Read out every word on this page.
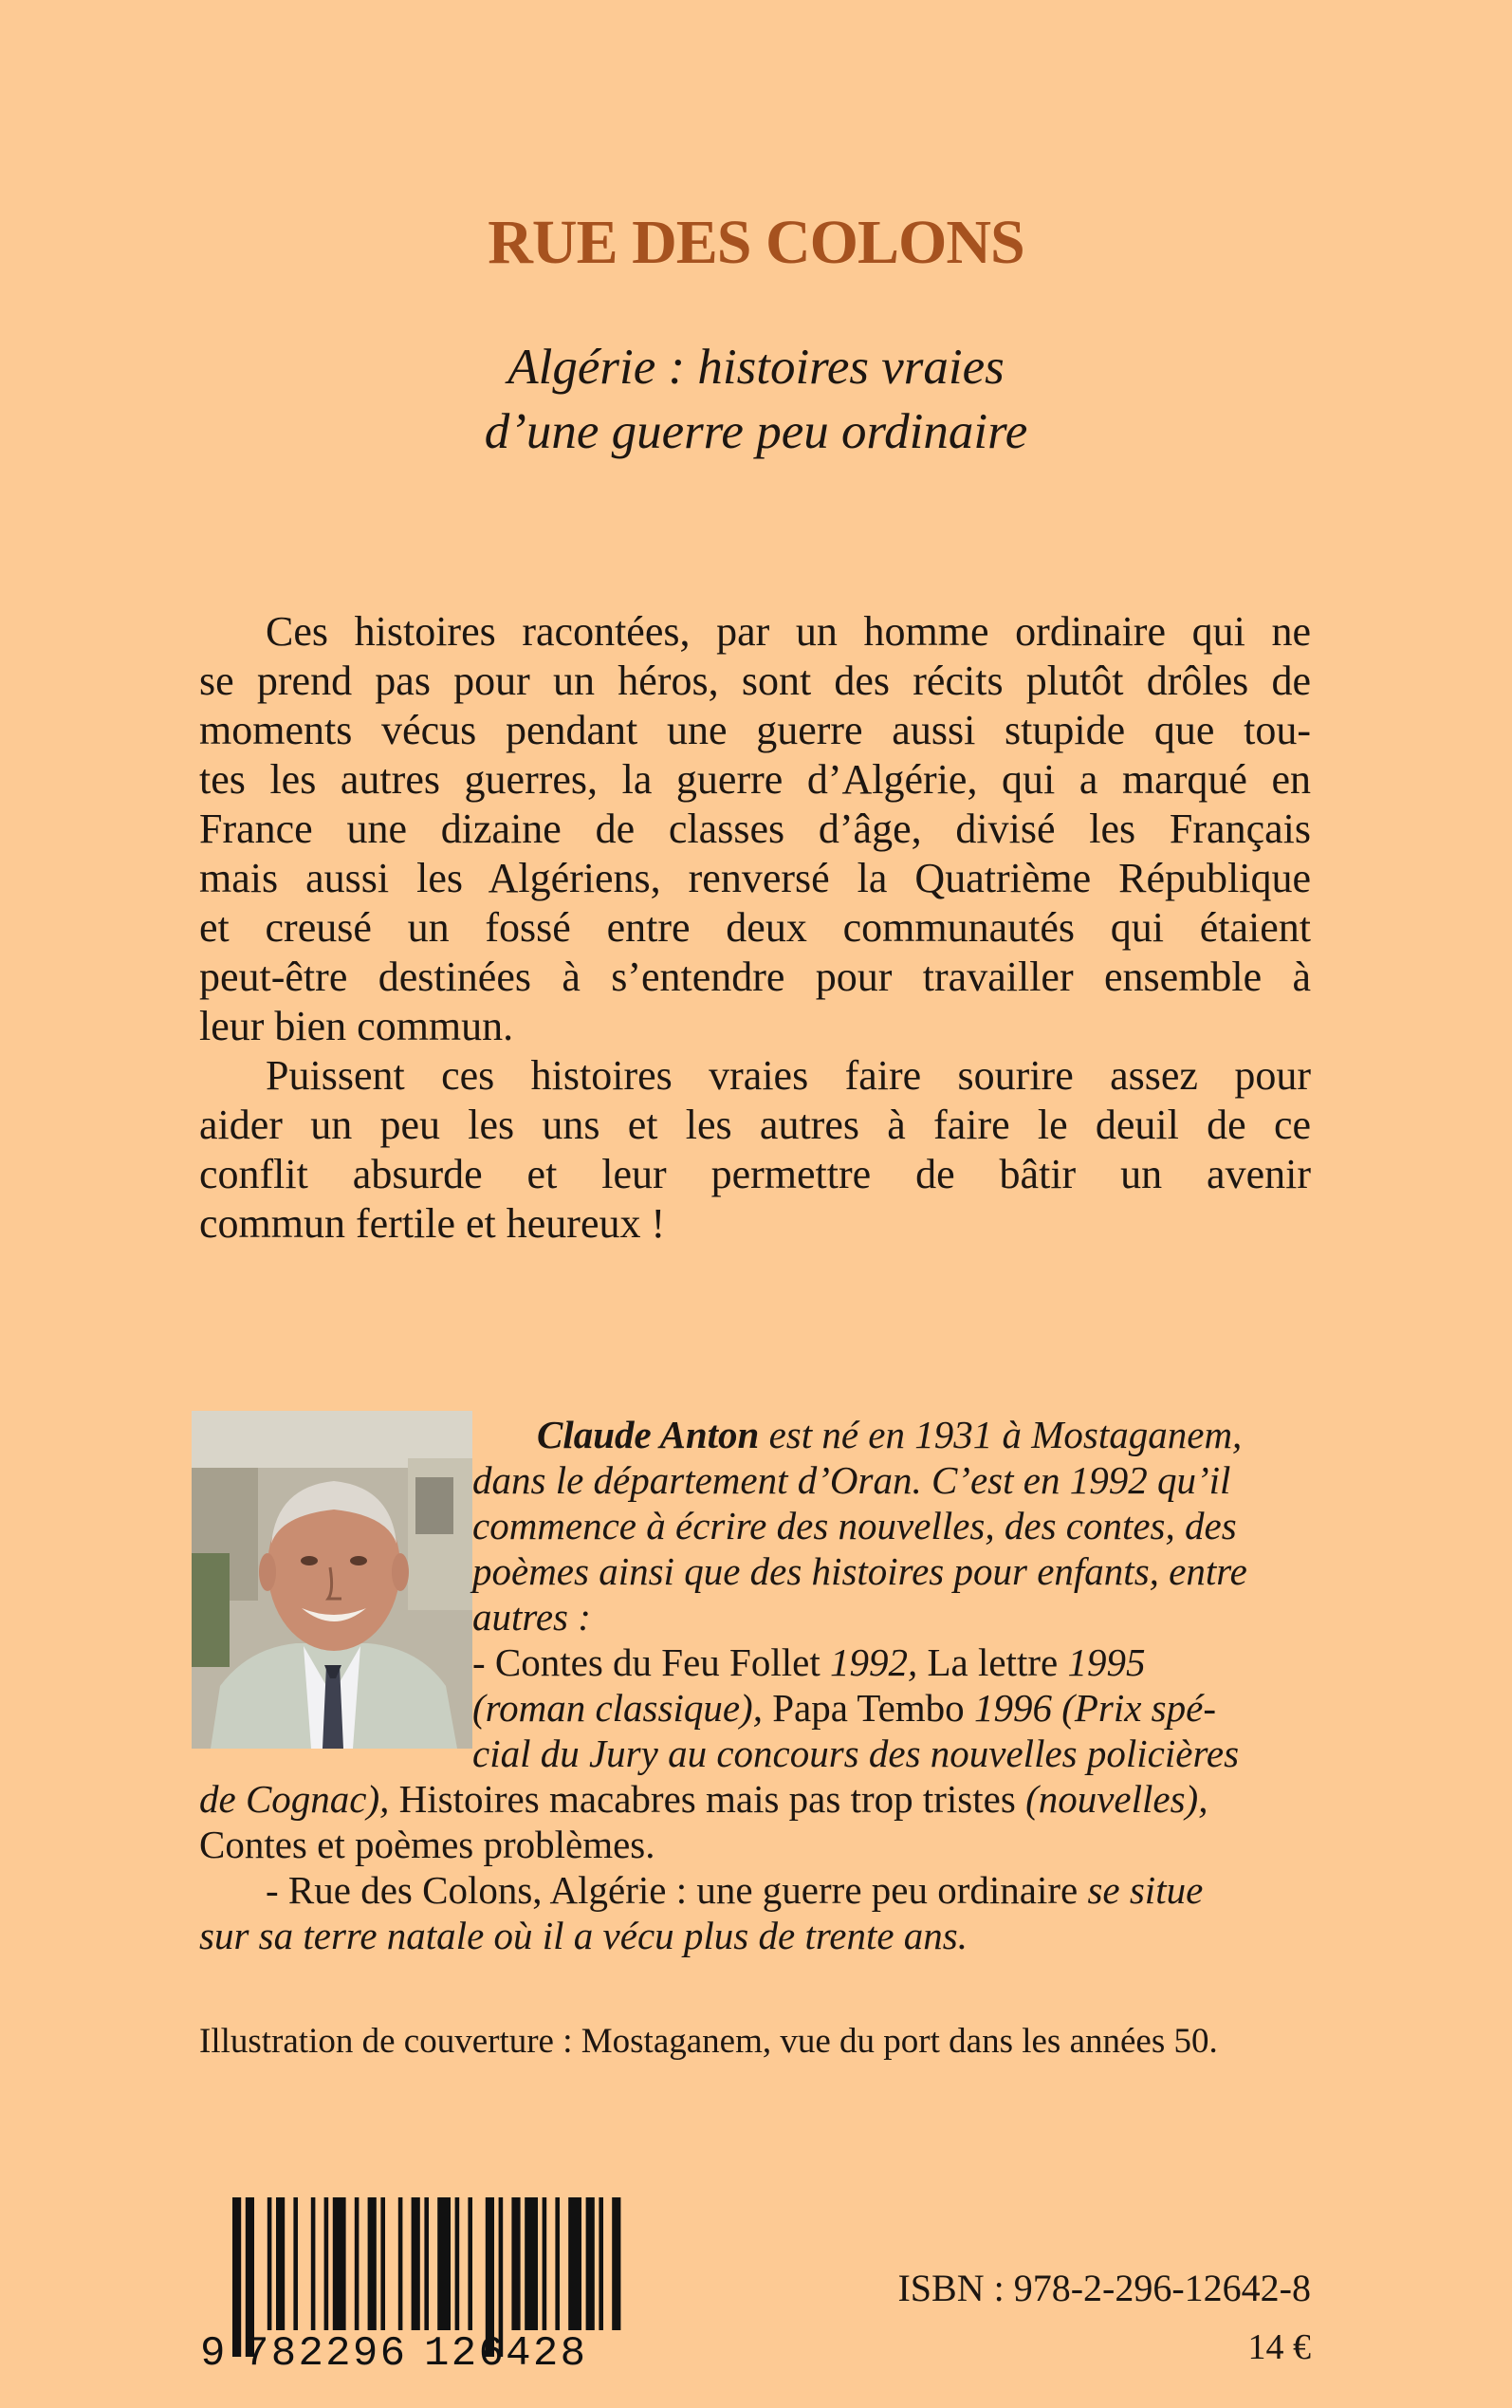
RUE DES COLONS
Algérie : histoires vraies
d’une guerre peu ordinaire
Ces histoires racontées, par un homme ordinaire qui ne
se prend pas pour un héros, sont des récits plutôt drôles de
moments vécus pendant une guerre aussi stupide que tou-
tes les autres guerres, la guerre d’Algérie, qui a marqué en
France une dizaine de classes d’âge, divisé les Français
mais aussi les Algériens, renversé la Quatrième République
et creusé un fossé entre deux communautés qui étaient
peut-être destinées à s’entendre pour travailler ensemble à
leur bien commun.
Puissent ces histoires vraies faire sourire assez pour
aider un peu les uns et les autres à faire le deuil de ce
conflit absurde et leur permettre de bâtir un avenir
commun fertile et heureux !
Claude Anton est né en 1931 à Mostaganem,
dans le département d’Oran. C’est en 1992 qu’il
commence à écrire des nouvelles, des contes, des
poèmes ainsi que des histoires pour enfants, entre
autres :
- Contes du Feu Follet 1992, La lettre 1995
(roman classique), Papa Tembo 1996 (Prix spé-
cial du Jury au concours des nouvelles policières
de Cognac), Histoires macabres mais pas trop tristes (nouvelles),
Contes et poèmes problèmes.
- Rue des Colons, Algérie : une guerre peu ordinaire se situe
sur sa terre natale où il a vécu plus de trente ans.
Illustration de couverture : Mostaganem, vue du port dans les années 50.
9 782296 126428
ISBN : 978-2-296-12642-8
14 €
